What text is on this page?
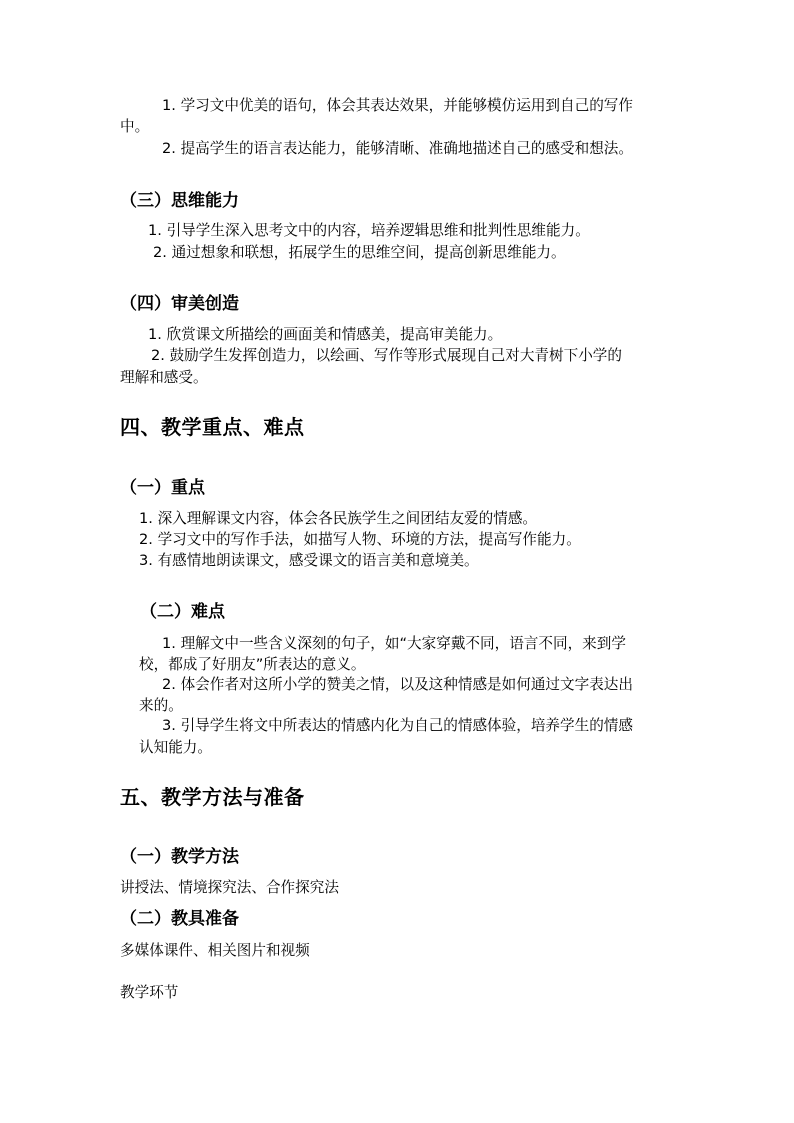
1. 学习文中优美的语句，体会其表达效果，并能够模仿运用到自己的写作
中。
2. 提高学生的语言表达能力，能够清晰、准确地描述自己的感受和想法。
（三）思维能力
1. 引导学生深入思考文中的内容，培养逻辑思维和批判性思维能力。
2. 通过想象和联想，拓展学生的思维空间，提高创新思维能力。
（四）审美创造
1. 欣赏课文所描绘的画面美和情感美，提高审美能力。
2. 鼓励学生发挥创造力，以绘画、写作等形式展现自己对大青树下小学的
理解和感受。
四、教学重点、难点
（一）重点
1. 深入理解课文内容，体会各民族学生之间团结友爱的情感。
2. 学习文中的写作手法，如描写人物、环境的方法，提高写作能力。
3. 有感情地朗读课文，感受课文的语言美和意境美。
（二）难点
1. 理解文中一些含义深刻的句子，如“大家穿戴不同，语言不同，来到学
校，都成了好朋友”所表达的意义。
2. 体会作者对这所小学的赞美之情，以及这种情感是如何通过文字表达出
来的。
3. 引导学生将文中所表达的情感内化为自己的情感体验，培养学生的情感
认知能力。
五、教学方法与准备
（一）教学方法
讲授法、情境探究法、合作探究法
（二）教具准备
多媒体课件、相关图片和视频
教学环节
